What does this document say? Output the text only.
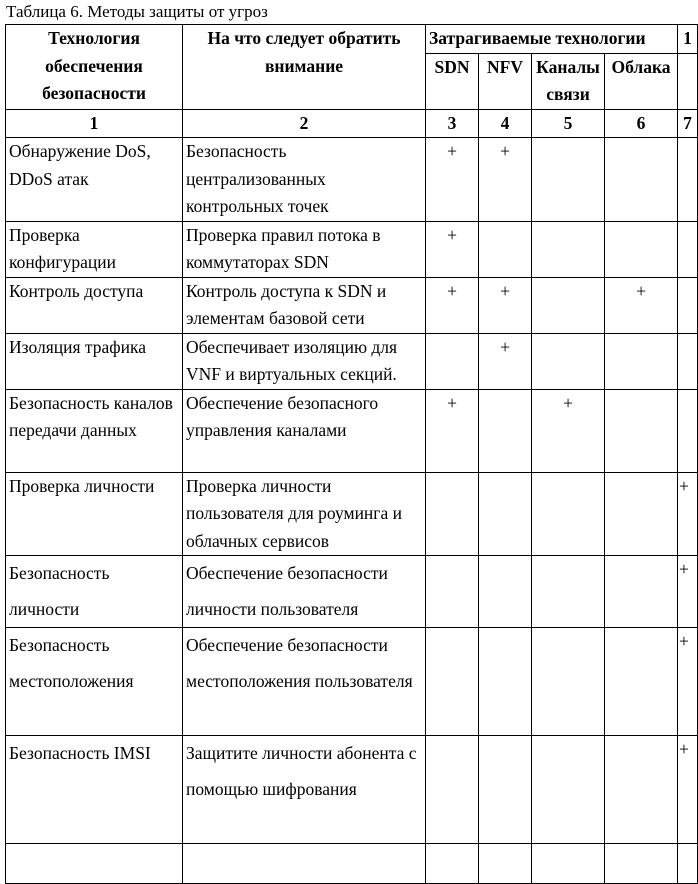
Таблица 6. Методы защиты от угроз
Технология обеспечения безопасности	На что следует обратить внимание	Затрагиваемые технологии				1
		SDN	NFV	Каналы связи	Облака	
1	2	3	4	5	6	7
Обнаружение DoS, DDoS атак	Безопасность централизованных контрольных точек	+	+			
Проверка конфигурации	Проверка правил потока в коммутаторах SDN	+				
Контроль доступа	Контроль доступа к SDN и элементам базовой сети	+	+		+	
Изоляция трафика	Обеспечивает изоляцию для VNF и виртуальных секций.		+			
Безопасность каналов передачи данных	Обеспечение безопасного управления каналами	+		+		
Проверка личности	Проверка личности пользователя для роуминга и облачных сервисов					+
Безопасность личности	Обеспечение безопасности личности пользователя					+
Безопасность местоположения	Обеспечение безопасности местоположения пользователя					+
Безопасность IMSI	Защитите личности абонента с помощью шифрования					+
